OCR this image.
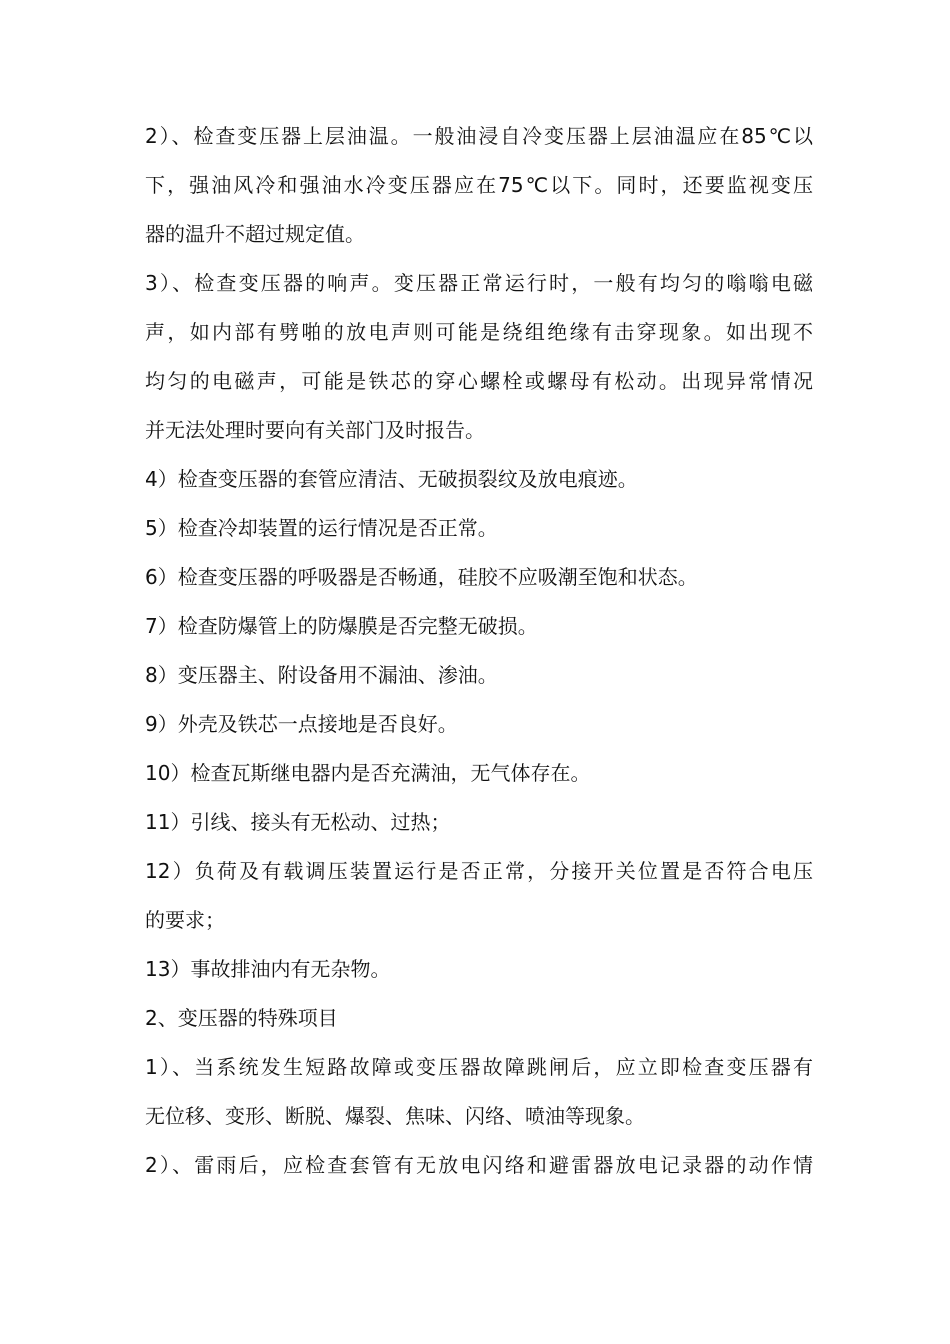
2）、检查变压器上层油温。一般油浸自冷变压器上层油温应在85℃以
下，强油风冷和强油水冷变压器应在75℃以下。同时，还要监视变压
器的温升不超过规定值。
3）、检查变压器的响声。变压器正常运行时，一般有均匀的嗡嗡电磁
声，如内部有劈啪的放电声则可能是绕组绝缘有击穿现象。如出现不
均匀的电磁声，可能是铁芯的穿心螺栓或螺母有松动。出现异常情况
并无法处理时要向有关部门及时报告。
4）检查变压器的套管应清洁、无破损裂纹及放电痕迹。
5）检查冷却装置的运行情况是否正常。
6）检查变压器的呼吸器是否畅通，硅胶不应吸潮至饱和状态。
7）检查防爆管上的防爆膜是否完整无破损。
8）变压器主、附设备用不漏油、渗油。
9）外壳及铁芯一点接地是否良好。
10）检查瓦斯继电器内是否充满油，无气体存在。
11）引线、接头有无松动、过热；
12）负荷及有载调压装置运行是否正常，分接开关位置是否符合电压
的要求；
13）事故排油内有无杂物。
2、变压器的特殊项目
1）、当系统发生短路故障或变压器故障跳闸后，应立即检查变压器有
无位移、变形、断脱、爆裂、焦味、闪络、喷油等现象。
2）、雷雨后，应检查套管有无放电闪络和避雷器放电记录器的动作情
